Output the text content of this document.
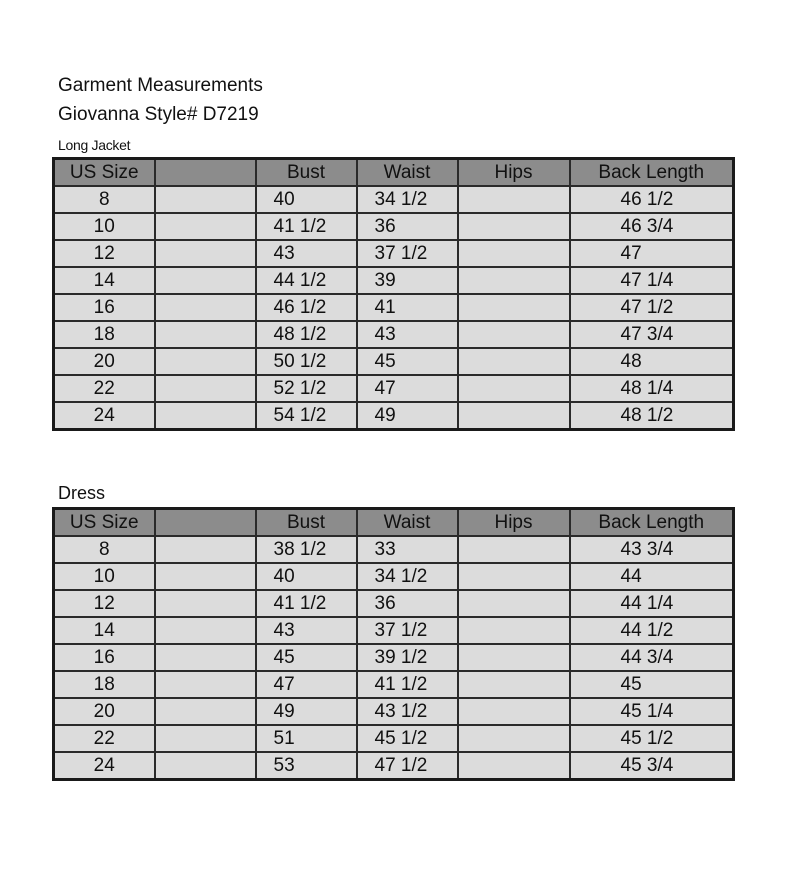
Garment Measurements
Giovanna Style# D7219
Long Jacket
US Size		Bust	Waist	Hips	Back Length
8		40	34 1/2		46 1/2
10		41 1/2	36		46 3/4
12		43	37 1/2		47
14		44 1/2	39		47 1/4
16		46 1/2	41		47 1/2
18		48 1/2	43		47 3/4
20		50 1/2	45		48
22		52 1/2	47		48 1/4
24		54 1/2	49		48 1/2
Dress
US Size		Bust	Waist	Hips	Back Length
8		38 1/2	33		43 3/4
10		40	34 1/2		44
12		41 1/2	36		44 1/4
14		43	37 1/2		44 1/2
16		45	39 1/2		44 3/4
18		47	41 1/2		45
20		49	43 1/2		45 1/4
22		51	45 1/2		45 1/2
24		53	47 1/2		45 3/4
